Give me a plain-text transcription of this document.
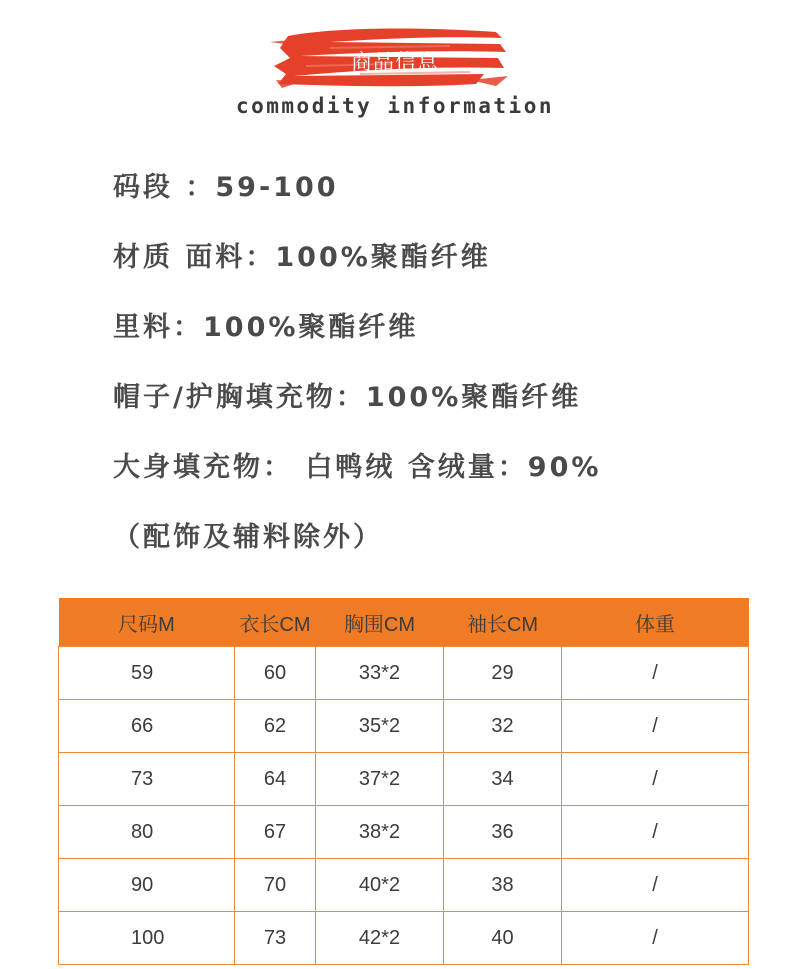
商品信息
commodity information
码段 ：59-100
材质 面料：100%聚酯纤维
里料：100%聚酯纤维
帽子/护胸填充物：100%聚酯纤维
大身填充物： 白鸭绒 含绒量：90%
（配饰及辅料除外）
尺码M	衣长CM	胸围CM	袖长CM	体重
59	60	33*2	29	/
66	62	35*2	32	/
73	64	37*2	34	/
80	67	38*2	36	/
90	70	40*2	38	/
100	73	42*2	40	/
